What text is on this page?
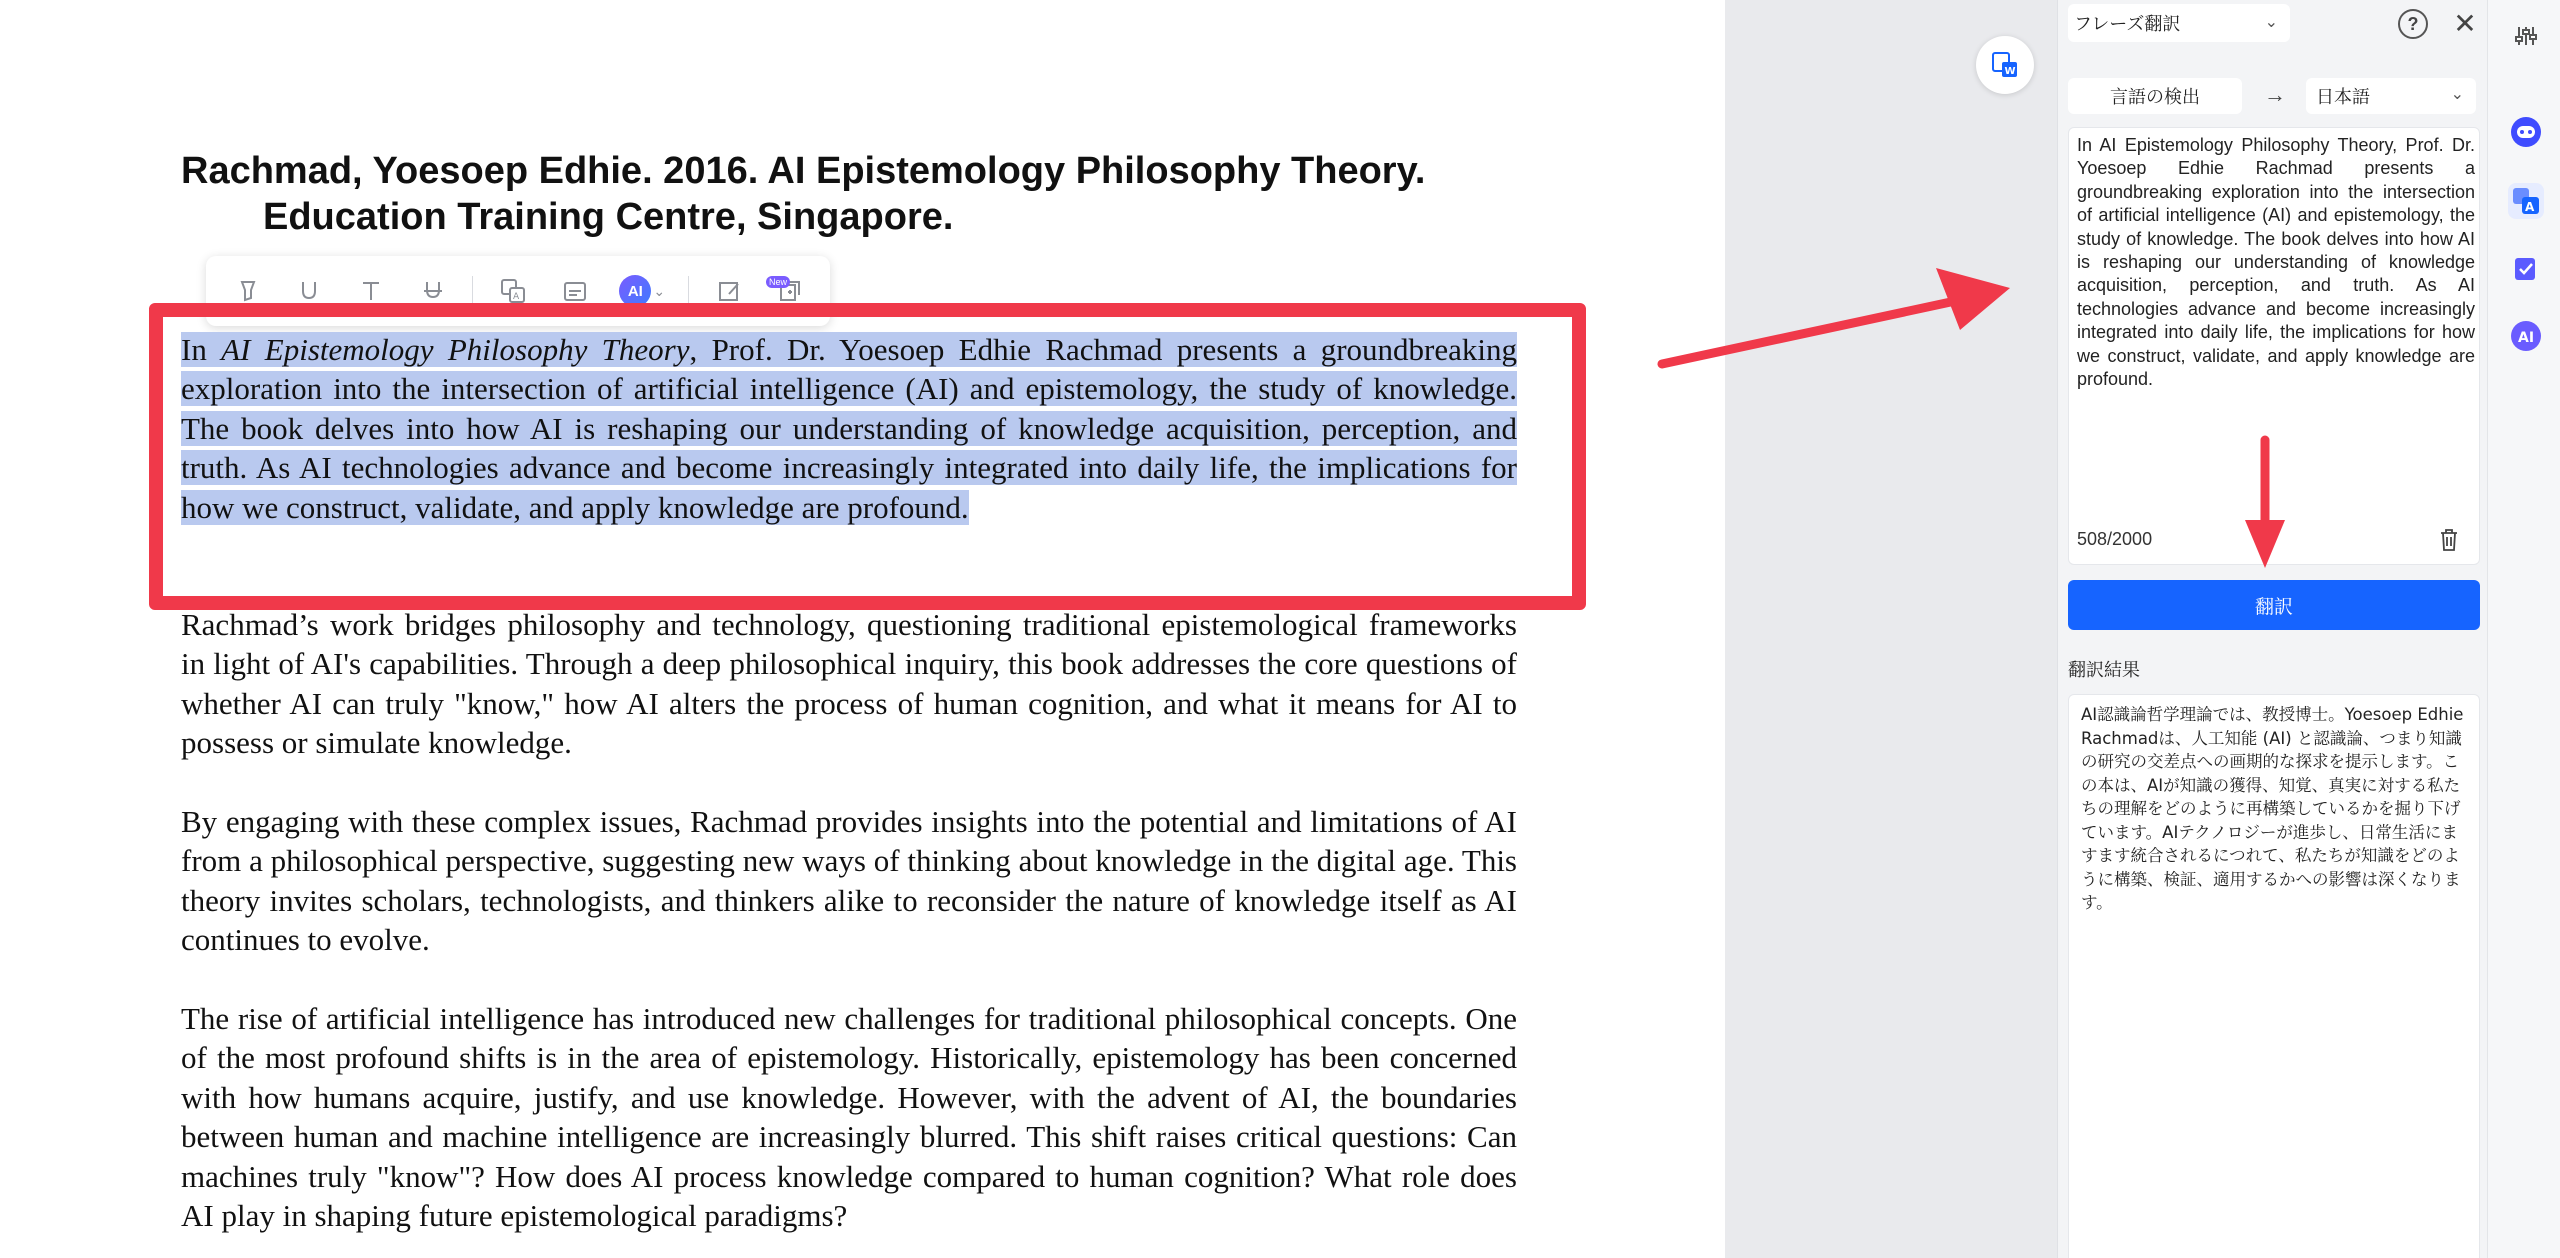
Rachmad, Yoesoep Edhie. 2016. AI Epistemology Philosophy Theory.
Education Training Centre, Singapore.
A	AI ⌄
New
In AI Epistemology Philosophy Theory, Prof. Dr. Yoesoep Edhie Rachmad presents a groundbreaking exploration into the intersection of artificial intelligence (AI) and epistemology, the study of knowledge. The book delves into how AI is reshaping our understanding of knowledge acquisition, perception, and truth. As AI technologies advance and become increasingly integrated into daily life, the implications for how we construct, validate, and apply knowledge are profound.
Rachmad’s work bridges philosophy and technology, questioning traditional epistemological frameworks in light of AI's capabilities. Through a deep philosophical inquiry, this book addresses the core questions of whether AI can truly "know," how AI alters the process of human cognition, and what it means for AI to possess or simulate knowledge.
By engaging with these complex issues, Rachmad provides insights into the potential and limitations of AI from a philosophical perspective, suggesting new ways of thinking about knowledge in the digital age. This theory invites scholars, technologists, and thinkers alike to reconsider the nature of knowledge itself as AI continues to evolve.
The rise of artificial intelligence has introduced new challenges for traditional philosophical concepts. One of the most profound shifts is in the area of epistemology. Historically, epistemology has been concerned with how humans acquire, justify, and use knowledge. However, with the advent of AI, the boundaries between human and machine intelligence are increasingly blurred. This shift raises critical questions: Can machines truly "know"? How does AI process knowledge compared to human cognition? What role does AI play in shaping future epistemological paradigms?
W
フレーズ翻訳	⌄	?	✕
言語の検出	→ 日本語	⌄
In AI Epistemology Philosophy Theory, Prof. Dr. Yoesoep Edhie Rachmad presents a groundbreaking exploration into the intersection of artificial intelligence (AI) and epistemology, the study of knowledge. The book delves into how AI is reshaping our understanding of knowledge acquisition, perception, and truth. As AI technologies advance and become increasingly integrated into daily life, the implications for how we construct, validate, and apply knowledge are profound.
508/2000
翻訳
翻訳結果
AI認識論哲学理論では、教授博士。Yoesoep Edhie Rachmadは、人工知能 (AI) と認識論、つまり知識の研究の交差点への画期的な探求を提示します。この本は、AIが知識の獲得、知覚、真実に対する私たちの理解をどのように再構築しているかを掘り下げています。AIテクノロジーが進歩し、日常生活にますます統合されるにつれて、私たちが知識をどのように構築、検証、適用するかへの影響は深くなります。
A
AI
